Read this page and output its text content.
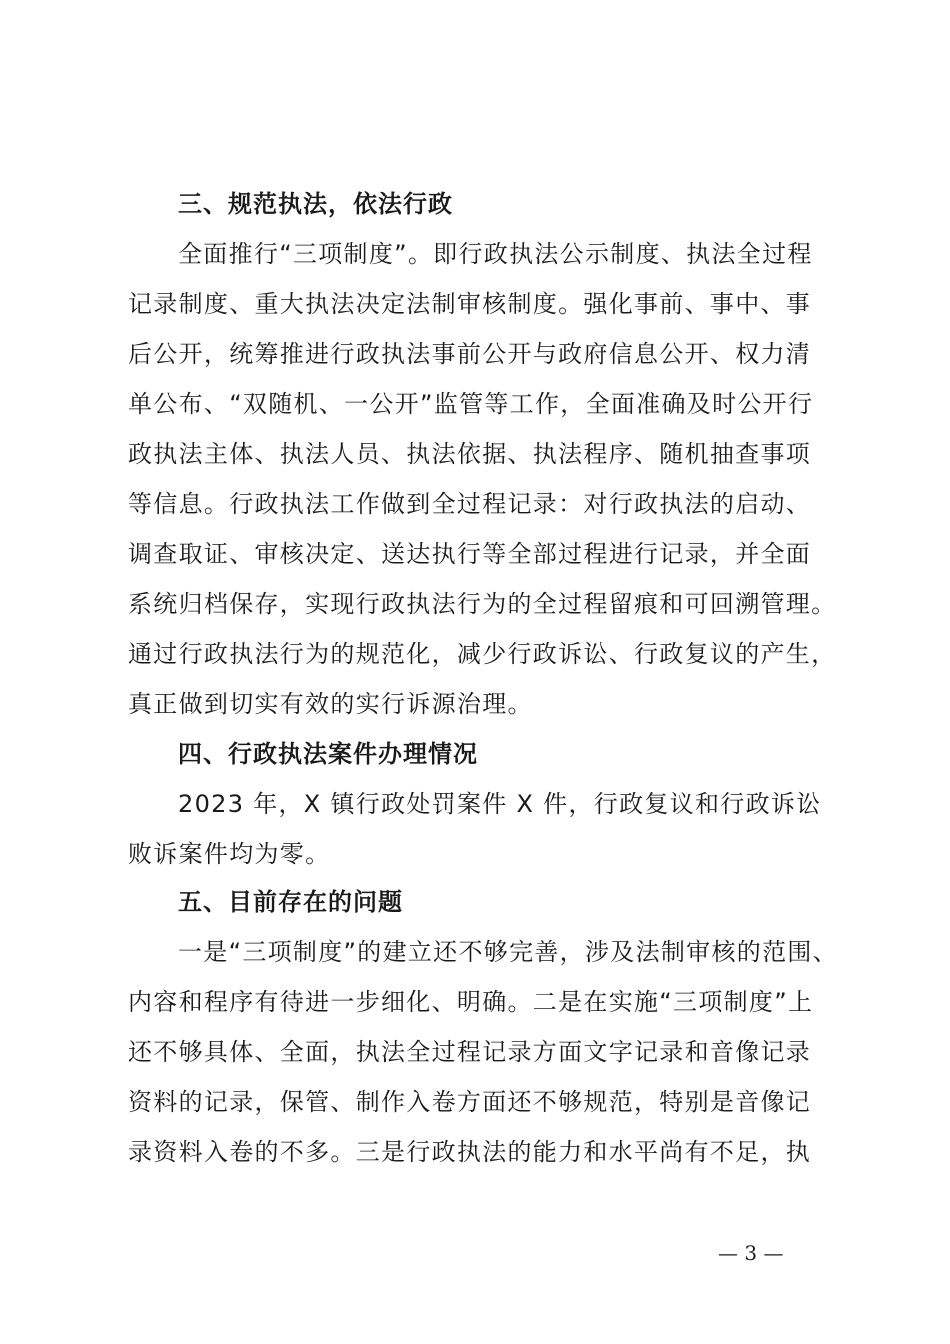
三、规范执法，依法行政
全面推行“三项制度”。即行政执法公示制度、执法全过程
记录制度、重大执法决定法制审核制度。强化事前、事中、事
后公开，统筹推进行政执法事前公开与政府信息公开、权力清
单公布、“双随机、一公开”监管等工作，全面准确及时公开行
政执法主体、执法人员、执法依据、执法程序、随机抽查事项
等信息。行政执法工作做到全过程记录：对行政执法的启动、
调查取证、审核决定、送达执行等全部过程进行记录，并全面
系统归档保存，实现行政执法行为的全过程留痕和可回溯管理。
通过行政执法行为的规范化，减少行政诉讼、行政复议的产生，
真正做到切实有效的实行诉源治理。
四、行政执法案件办理情况
2023 年，X 镇行政处罚案件 X 件，行政复议和行政诉讼
败诉案件均为零。
五、目前存在的问题
一是“三项制度”的建立还不够完善，涉及法制审核的范围、
内容和程序有待进一步细化、明确。二是在实施“三项制度”上
还不够具体、全面，执法全过程记录方面文字记录和音像记录
资料的记录，保管、制作入卷方面还不够规范，特别是音像记
录资料入卷的不多。三是行政执法的能力和水平尚有不足，执
— 3 —
